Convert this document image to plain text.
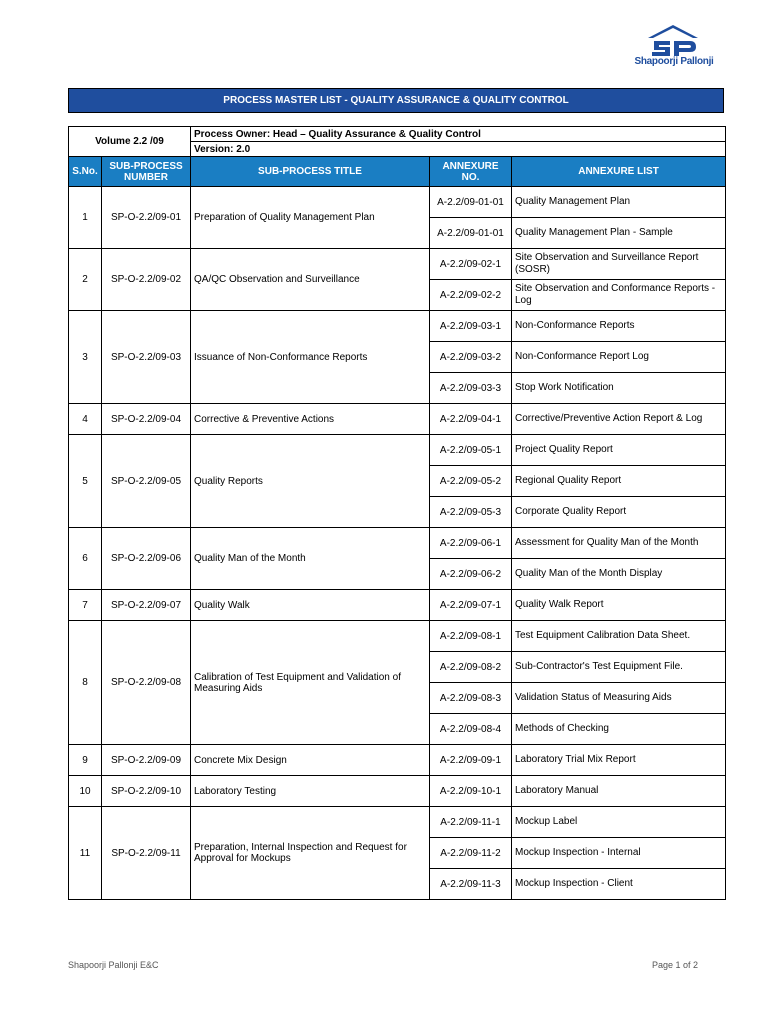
Shapoorji Pallonji
PROCESS MASTER LIST - QUALITY ASSURANCE & QUALITY CONTROL
Volume 2.2 /09		Process Owner: Head – Quality Assurance & Quality Control		
		Version: 2.0		
S.No.	SUB-PROCESS NUMBER	SUB-PROCESS TITLE	ANNEXURE NO.	ANNEXURE LIST
1	SP-O-2.2/09-01	Preparation of Quality Management Plan	A-2.2/09-01-01	Quality Management Plan
			A-2.2/09-01-01	Quality Management Plan - Sample
2	SP-O-2.2/09-02	QA/QC Observation and Surveillance	A-2.2/09-02-1	Site Observation and Surveillance Report (SOSR)
			A-2.2/09-02-2	Site Observation and Conformance Reports - Log
3	SP-O-2.2/09-03	Issuance of Non-Conformance Reports	A-2.2/09-03-1	Non-Conformance Reports
			A-2.2/09-03-2	Non-Conformance Report Log
			A-2.2/09-03-3	Stop Work Notification
4	SP-O-2.2/09-04	Corrective & Preventive Actions	A-2.2/09-04-1	Corrective/Preventive Action Report & Log
5	SP-O-2.2/09-05	Quality Reports	A-2.2/09-05-1	Project Quality Report
			A-2.2/09-05-2	Regional Quality Report
			A-2.2/09-05-3	Corporate Quality Report
6	SP-O-2.2/09-06	Quality Man of the Month	A-2.2/09-06-1	Assessment for Quality Man of the Month
			A-2.2/09-06-2	Quality Man of the Month Display
7	SP-O-2.2/09-07	Quality Walk	A-2.2/09-07-1	Quality Walk Report
8	SP-O-2.2/09-08	Calibration of Test Equipment and Validation of Measuring Aids	A-2.2/09-08-1	Test Equipment Calibration Data Sheet.
			A-2.2/09-08-2	Sub-Contractor's Test Equipment File.
			A-2.2/09-08-3	Validation Status of Measuring Aids
			A-2.2/09-08-4	Methods of Checking
9	SP-O-2.2/09-09	Concrete Mix Design	A-2.2/09-09-1	Laboratory Trial Mix Report
10	SP-O-2.2/09-10	Laboratory Testing	A-2.2/09-10-1	Laboratory Manual
11	SP-O-2.2/09-11	Preparation, Internal Inspection and Request for Approval for Mockups	A-2.2/09-11-1	Mockup Label
			A-2.2/09-11-2	Mockup Inspection - Internal
			A-2.2/09-11-3	Mockup Inspection - Client
Shapoorji Pallonji E&C	Page 1 of 2
